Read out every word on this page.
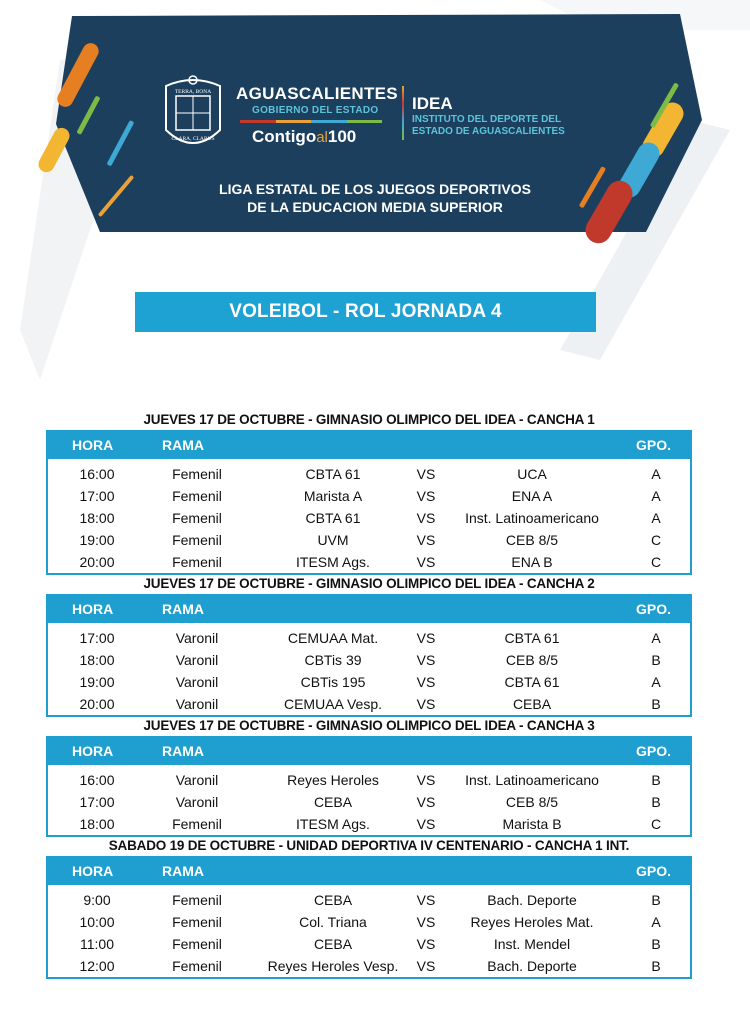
TERRA, BONA
CLARA, CLARUS
AGUASCALIENTES
GOBIERNO DEL ESTADO
Contigoal100
IDEA
INSTITUTO DEL DEPORTE DEL
ESTADO DE AGUASCALIENTES
LIGA ESTATAL DE LOS JUEGOS DEPORTIVOS
DE LA EDUCACION MEDIA SUPERIOR
VOLEIBOL - ROL JORNADA 4
JUEVES 17 DE OCTUBRE - GIMNASIO OLIMPICO DEL IDEA - CANCHA 1
HORA	RAMA	GPO.
16:00	Femenil	CBTA 61	VS	UCA	A
17:00	Femenil	Marista A	VS	ENA A	A
18:00	Femenil	CBTA 61	VS	Inst. Latinoamericano	A
19:00	Femenil	UVM	VS	CEB 8/5	C
20:00	Femenil	ITESM Ags.	VS	ENA B	C
JUEVES 17 DE OCTUBRE - GIMNASIO OLIMPICO DEL IDEA - CANCHA 2
HORA	RAMA	GPO.
17:00	Varonil	CEMUAA Mat.	VS	CBTA 61	A
18:00	Varonil	CBTis 39	VS	CEB 8/5	B
19:00	Varonil	CBTis 195	VS	CBTA 61	A
20:00	Varonil	CEMUAA Vesp.	VS	CEBA	B
JUEVES 17 DE OCTUBRE - GIMNASIO OLIMPICO DEL IDEA - CANCHA 3
HORA	RAMA	GPO.
16:00	Varonil	Reyes Heroles	VS	Inst. Latinoamericano	B
17:00	Varonil	CEBA	VS	CEB 8/5	B
18:00	Femenil	ITESM Ags.	VS	Marista B	C
SABADO 19 DE OCTUBRE - UNIDAD DEPORTIVA IV CENTENARIO - CANCHA 1 INT.
HORA	RAMA	GPO.
9:00	Femenil	CEBA	VS	Bach. Deporte	B
10:00	Femenil	Col. Triana	VS	Reyes Heroles Mat.	A
11:00	Femenil	CEBA	VS	Inst. Mendel	B
12:00	Femenil	Reyes Heroles Vesp.	VS	Bach. Deporte	B
